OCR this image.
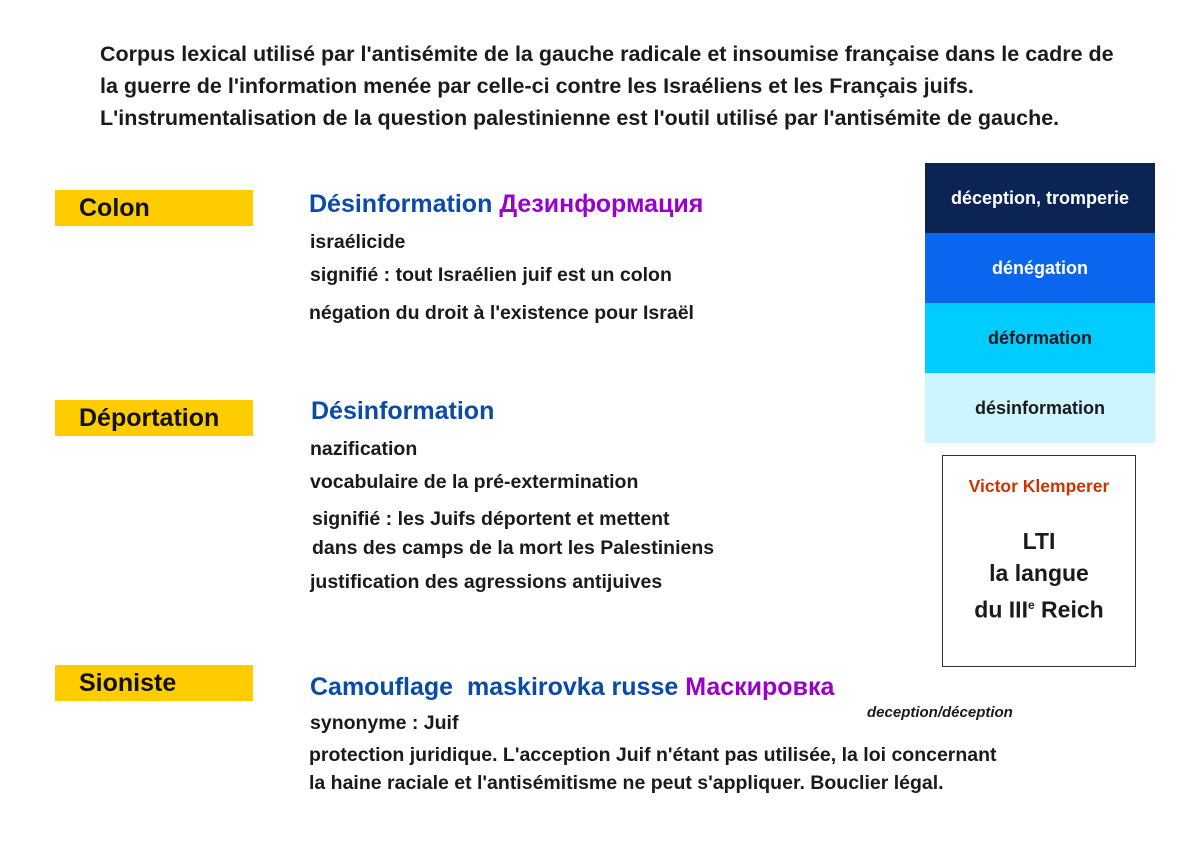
Corpus lexical utilisé par l'antisémite de la gauche radicale et insoumise française dans le cadre de la guerre de l'information menée par celle-ci contre les Israéliens et les Français juifs. L'instrumentalisation de la question palestinienne est l'outil utilisé par l'antisémite de gauche.
Colon	Désinformation Дезинформация
israélicide
signifié : tout Israélien juif est un colon
négation du droit à l'existence pour Israël
Déportation	Désinformation
nazification
vocabulaire de la pré-extermination
signifié : les Juifs déportent et mettent
dans des camps de la mort les Palestiniens
justification des agressions antijuives
Sioniste	Camouflage maskirovka russe Маскировка
synonyme : Juif
protection juridique. L'acception Juif n'étant pas utilisée, la loi concernant
la haine raciale et l'antisémitisme ne peut s'appliquer. Bouclier légal.
deception/déception
déception, tromperie
dénégation
déformation
désinformation
Victor Klemperer
LTI
la langue
du IIIe Reich
